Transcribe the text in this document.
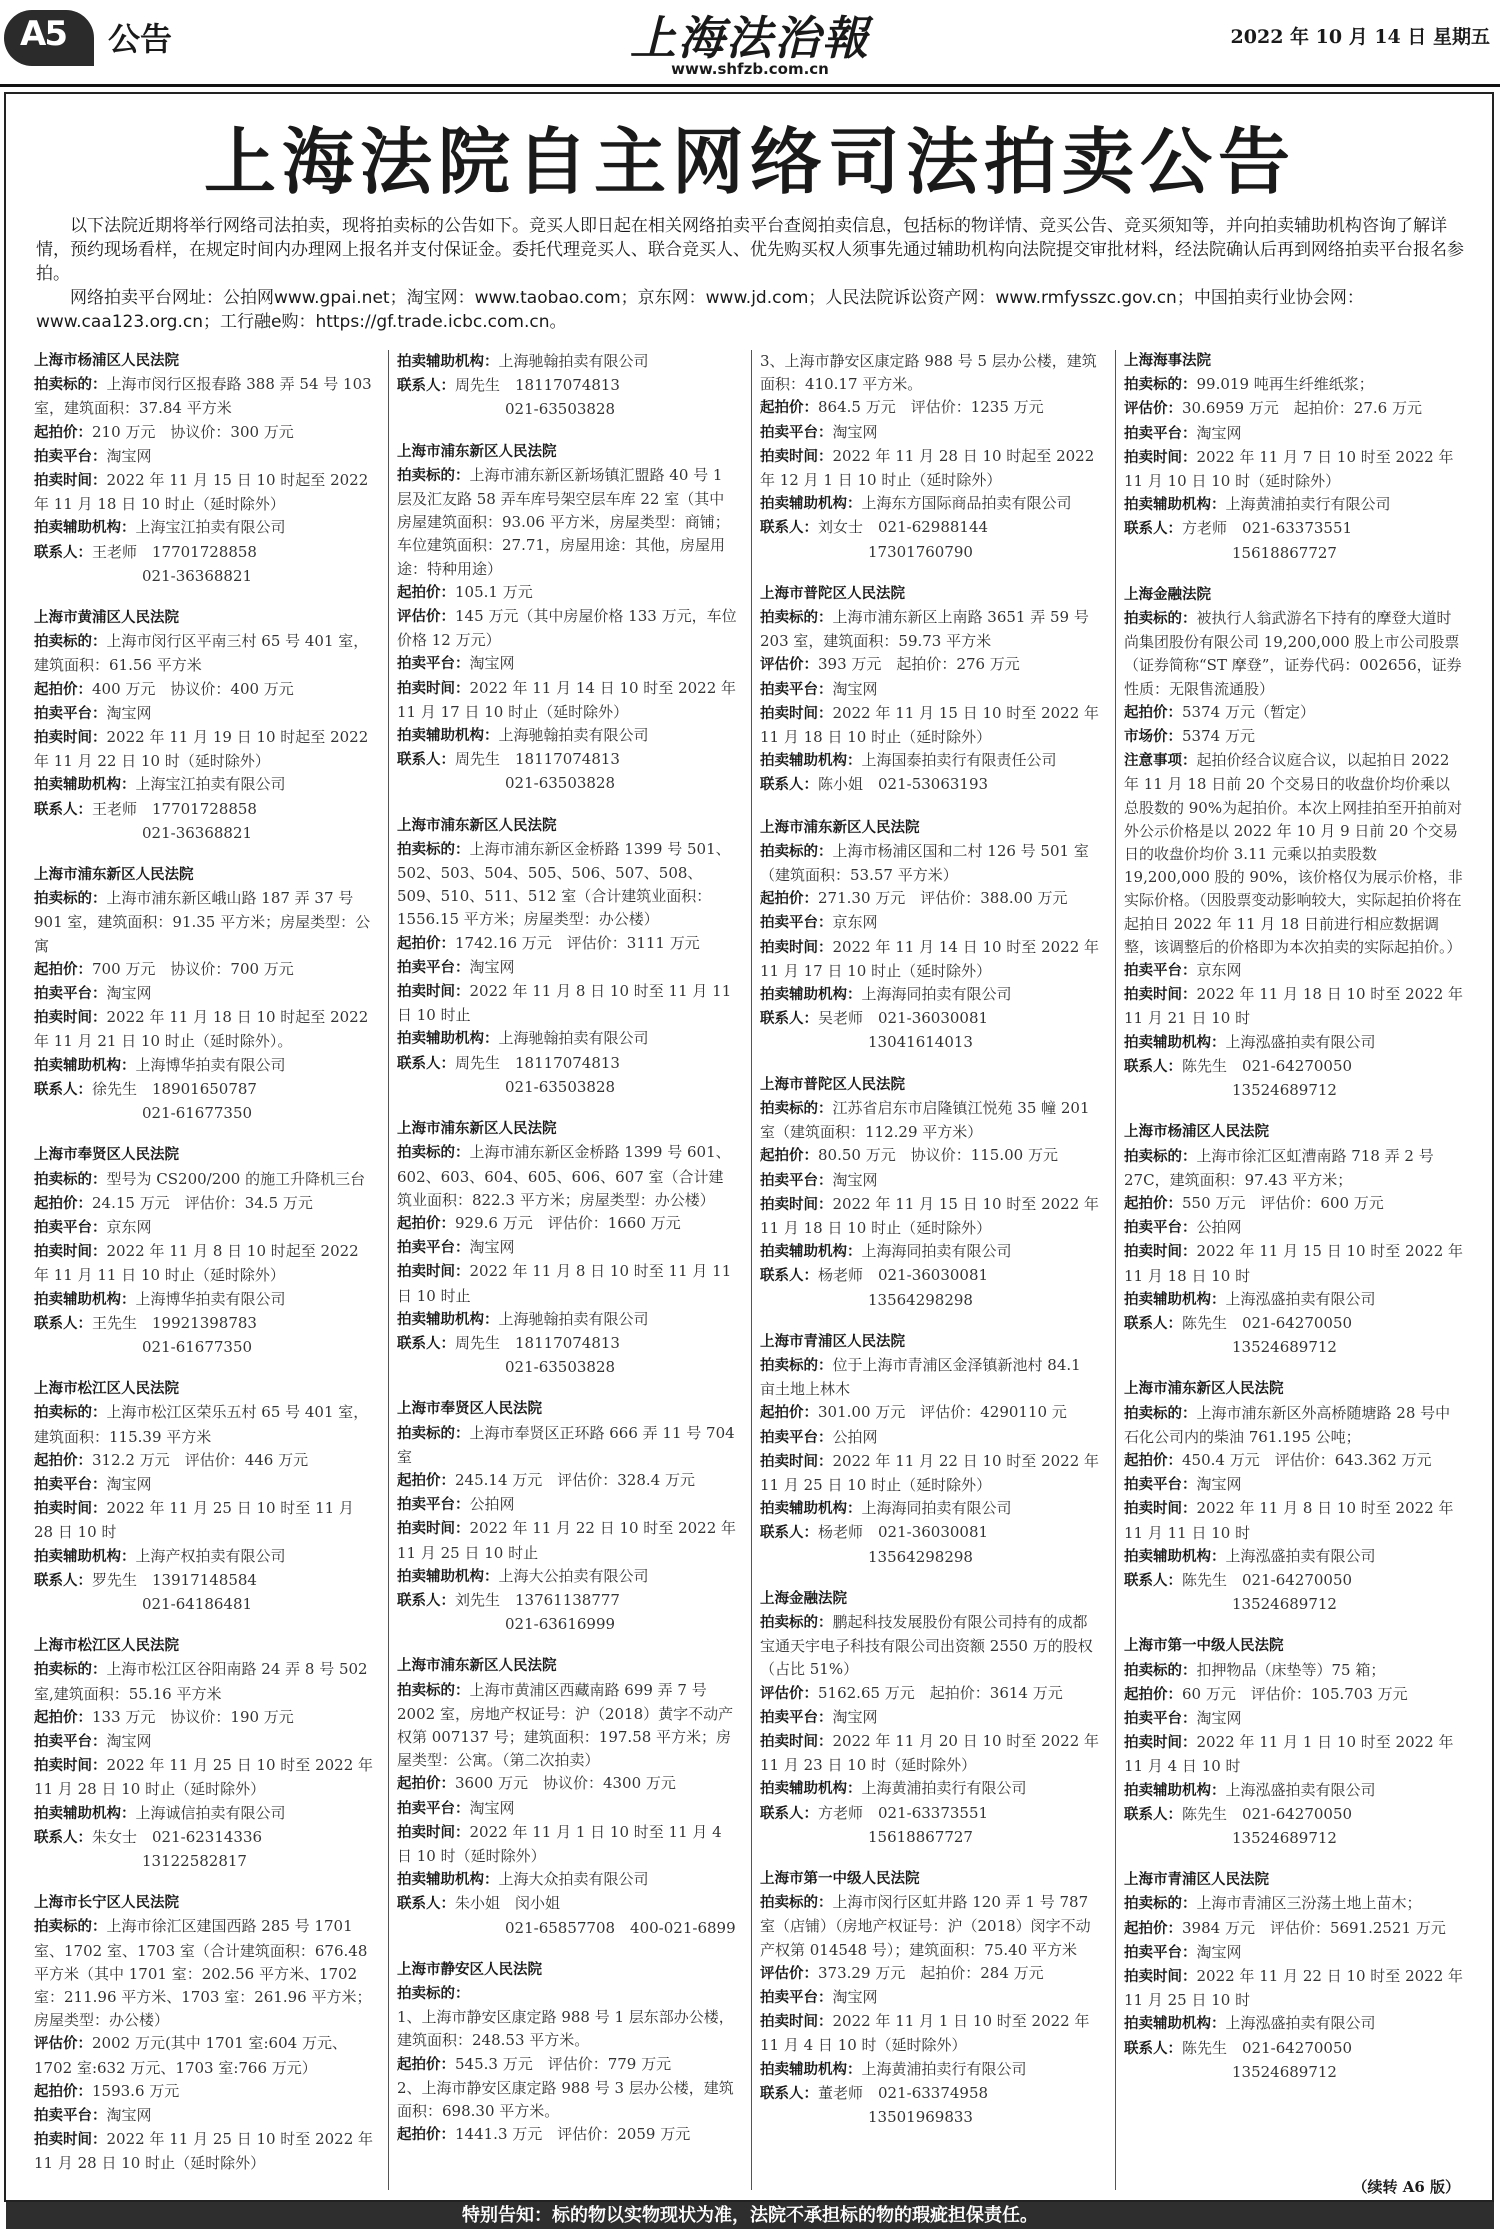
A5 公告	上海法治報
www.shfzb.com.cn
2022 年 10 月 14 日 星期五
上海法院自主网络司法拍卖公告

以下法院近期将举行网络司法拍卖，现将拍卖标的公告如下。竞买人即日起在相关网络拍卖平台查阅拍卖信息，包括标的物详情、竞买公告、竞买须知等，并向拍卖辅助机构咨询了解详情，预约现场看样，在规定时间内办理网上报名并支付保证金。委托代理竞买人、联合竞买人、优先购买权人须事先通过辅助机构向法院提交审批材料，经法院确认后再到网络拍卖平台报名参拍。

网络拍卖平台网址：公拍网www.gpai.net；淘宝网：www.taobao.com；京东网：www.jd.com；人民法院诉讼资产网：www.rmfysszc.gov.cn；中国拍卖行业协会网：www.caa123.org.cn；工行融e购：https://gf.trade.icbc.com.cn。

上海市杨浦区人民法院
拍卖标的：上海市闵行区报春路 388 弄 54 号 103 室，建筑面积：37.84 平方米
起拍价：210 万元　协议价：300 万元
拍卖平台：淘宝网
拍卖时间：2022 年 11 月 15 日 10 时起至 2022 年 11 月 18 日 10 时止（延时除外）
拍卖辅助机构：上海宝江拍卖有限公司
联系人：王老师　17701728858
021-36368821
上海市黄浦区人民法院
拍卖标的：上海市闵行区平南三村 65 号 401 室，建筑面积：61.56 平方米
起拍价：400 万元　协议价：400 万元
拍卖平台：淘宝网
拍卖时间：2022 年 11 月 19 日 10 时起至 2022 年 11 月 22 日 10 时（延时除外）
拍卖辅助机构：上海宝江拍卖有限公司
联系人：王老师　17701728858
021-36368821
上海市浦东新区人民法院
拍卖标的：上海市浦东新区峨山路 187 弄 37 号 901 室，建筑面积：91.35 平方米；房屋类型：公寓
起拍价：700 万元　协议价：700 万元
拍卖平台：淘宝网
拍卖时间：2022 年 11 月 18 日 10 时起至 2022 年 11 月 21 日 10 时止（延时除外）。
拍卖辅助机构：上海博华拍卖有限公司
联系人：徐先生　18901650787
021-61677350
上海市奉贤区人民法院
拍卖标的：型号为 CS200/200 的施工升降机三台
起拍价：24.15 万元　评估价：34.5 万元
拍卖平台：京东网
拍卖时间：2022 年 11 月 8 日 10 时起至 2022 年 11 月 11 日 10 时止（延时除外）
拍卖辅助机构：上海博华拍卖有限公司
联系人：王先生　19921398783
021-61677350
上海市松江区人民法院
拍卖标的：上海市松江区荣乐五村 65 号 401 室，建筑面积：115.39 平方米
起拍价：312.2 万元　评估价：446 万元
拍卖平台：淘宝网
拍卖时间：2022 年 11 月 25 日 10 时至 11 月 28 日 10 时
拍卖辅助机构：上海产权拍卖有限公司
联系人：罗先生　13917148584
021-64186481
上海市松江区人民法院
拍卖标的：上海市松江区谷阳南路 24 弄 8 号 502 室,建筑面积：55.16 平方米
起拍价：133 万元　协议价：190 万元
拍卖平台：淘宝网
拍卖时间：2022 年 11 月 25 日 10 时至 2022 年 11 月 28 日 10 时止（延时除外）
拍卖辅助机构：上海诚信拍卖有限公司
联系人：朱女士　021-62314336
13122582817
上海市长宁区人民法院
拍卖标的：上海市徐汇区建国西路 285 号 1701 室、1702 室、1703 室（合计建筑面积：676.48 平方米（其中 1701 室：202.56 平方米、1702 室：211.96 平方米、1703 室：261.96 平方米；房屋类型：办公楼）
评估价：2002 万元(其中 1701 室:604 万元、1702 室:632 万元、1703 室:766 万元）
起拍价：1593.6 万元
拍卖平台：淘宝网
拍卖时间：2022 年 11 月 25 日 10 时至 2022 年 11 月 28 日 10 时止（延时除外）
拍卖辅助机构：上海驰翰拍卖有限公司
联系人：周先生　18117074813
021-63503828
上海市浦东新区人民法院
拍卖标的：上海市浦东新区新场镇汇盟路 40 号 1 层及汇友路 58 弄车库号架空层车库 22 室（其中房屋建筑面积：93.06 平方米，房屋类型：商铺；车位建筑面积：27.71，房屋用途：其他，房屋用途：特种用途）
起拍价：105.1 万元
评估价：145 万元（其中房屋价格 133 万元，车位价格 12 万元）
拍卖平台：淘宝网
拍卖时间：2022 年 11 月 14 日 10 时至 2022 年 11 月 17 日 10 时止（延时除外）
拍卖辅助机构：上海驰翰拍卖有限公司
联系人：周先生　18117074813
021-63503828
上海市浦东新区人民法院
拍卖标的：上海市浦东新区金桥路 1399 号 501、502、503、504、505、506、507、508、509、510、511、512 室（合计建筑业面积：1556.15 平方米；房屋类型：办公楼）
起拍价：1742.16 万元　评估价：3111 万元
拍卖平台：淘宝网
拍卖时间：2022 年 11 月 8 日 10 时至 11 月 11 日 10 时止
拍卖辅助机构：上海驰翰拍卖有限公司
联系人：周先生　18117074813
021-63503828
上海市浦东新区人民法院
拍卖标的：上海市浦东新区金桥路 1399 号 601、602、603、604、605、606、607 室（合计建筑业面积：822.3 平方米；房屋类型：办公楼）
起拍价：929.6 万元　评估价：1660 万元
拍卖平台：淘宝网
拍卖时间：2022 年 11 月 8 日 10 时至 11 月 11 日 10 时止
拍卖辅助机构：上海驰翰拍卖有限公司
联系人：周先生　18117074813
021-63503828
上海市奉贤区人民法院
拍卖标的：上海市奉贤区正环路 666 弄 11 号 704 室
起拍价：245.14 万元　评估价：328.4 万元
拍卖平台：公拍网
拍卖时间：2022 年 11 月 22 日 10 时至 2022 年 11 月 25 日 10 时止
拍卖辅助机构：上海大公拍卖有限公司
联系人：刘先生　13761138777
021-63616999
上海市浦东新区人民法院
拍卖标的：上海市黄浦区西藏南路 699 弄 7 号 2002 室，房地产权证号：沪（2018）黄字不动产权第 007137 号；建筑面积：197.58 平方米；房屋类型：公寓。（第二次拍卖）
起拍价：3600 万元　协议价：4300 万元
拍卖平台：淘宝网
拍卖时间：2022 年 11 月 1 日 10 时至 11 月 4 日 10 时（延时除外）
拍卖辅助机构：上海大众拍卖有限公司
联系人：朱小姐　闵小姐
021-65857708　400-021-6899
上海市静安区人民法院
拍卖标的：
1、上海市静安区康定路 988 号 1 层东部办公楼，建筑面积：248.53 平方米。
起拍价：545.3 万元　评估价：779 万元
2、上海市静安区康定路 988 号 3 层办公楼，建筑面积：698.30 平方米。
起拍价：1441.3 万元　评估价：2059 万元
3、上海市静安区康定路 988 号 5 层办公楼，建筑面积：410.17 平方米。
起拍价：864.5 万元　评估价：1235 万元
拍卖平台：淘宝网
拍卖时间：2022 年 11 月 28 日 10 时起至 2022 年 12 月 1 日 10 时止（延时除外）
拍卖辅助机构：上海东方国际商品拍卖有限公司
联系人：刘女士　021-62988144
17301760790
上海市普陀区人民法院
拍卖标的：上海市浦东新区上南路 3651 弄 59 号 203 室，建筑面积：59.73 平方米
评估价：393 万元　起拍价：276 万元
拍卖平台：淘宝网
拍卖时间：2022 年 11 月 15 日 10 时至 2022 年 11 月 18 日 10 时止（延时除外）
拍卖辅助机构：上海国泰拍卖行有限责任公司
联系人：陈小姐　021-53063193
上海市浦东新区人民法院
拍卖标的：上海市杨浦区国和二村 126 号 501 室（建筑面积：53.57 平方米）
起拍价：271.30 万元　评估价：388.00 万元
拍卖平台：京东网
拍卖时间：2022 年 11 月 14 日 10 时至 2022 年 11 月 17 日 10 时止（延时除外）
拍卖辅助机构：上海海同拍卖有限公司
联系人：吴老师　021-36030081
13041614013
上海市普陀区人民法院
拍卖标的：江苏省启东市启隆镇江悦苑 35 幢 201 室（建筑面积：112.29 平方米）
起拍价：80.50 万元　协议价：115.00 万元
拍卖平台：淘宝网
拍卖时间：2022 年 11 月 15 日 10 时至 2022 年 11 月 18 日 10 时止（延时除外）
拍卖辅助机构：上海海同拍卖有限公司
联系人：杨老师　021-36030081
13564298298
上海市青浦区人民法院
拍卖标的：位于上海市青浦区金泽镇新池村 84.1 亩土地上林木
起拍价：301.00 万元　评估价：4290110 元
拍卖平台：公拍网
拍卖时间：2022 年 11 月 22 日 10 时至 2022 年 11 月 25 日 10 时止（延时除外）
拍卖辅助机构：上海海同拍卖有限公司
联系人：杨老师　021-36030081
13564298298
上海金融法院
拍卖标的：鹏起科技发展股份有限公司持有的成都宝通天宇电子科技有限公司出资额 2550 万的股权（占比 51%）
评估价：5162.65 万元　起拍价：3614 万元
拍卖平台：淘宝网
拍卖时间：2022 年 11 月 20 日 10 时至 2022 年 11 月 23 日 10 时（延时除外）
拍卖辅助机构：上海黄浦拍卖行有限公司
联系人：方老师　021-63373551
15618867727
上海市第一中级人民法院
拍卖标的：上海市闵行区虹井路 120 弄 1 号 787 室（店铺）（房地产权证号：沪（2018）闵字不动产权第 014548 号）；建筑面积：75.40 平方米
评估价：373.29 万元　起拍价：284 万元
拍卖平台：淘宝网
拍卖时间：2022 年 11 月 1 日 10 时至 2022 年 11 月 4 日 10 时（延时除外）
拍卖辅助机构：上海黄浦拍卖行有限公司
联系人：董老师　021-63374958
13501969833
上海海事法院
拍卖标的：99.019 吨再生纤维纸浆；
评估价：30.6959 万元　起拍价：27.6 万元
拍卖平台：淘宝网
拍卖时间：2022 年 11 月 7 日 10 时至 2022 年 11 月 10 日 10 时（延时除外）
拍卖辅助机构：上海黄浦拍卖行有限公司
联系人：方老师　021-63373551
15618867727
上海金融法院
拍卖标的：被执行人翁武游名下持有的摩登大道时尚集团股份有限公司 19,200,000 股上市公司股票（证券简称“ST 摩登”，证券代码：002656，证券性质：无限售流通股）
起拍价：5374 万元（暂定）
市场价：5374 万元
注意事项：起拍价经合议庭合议，以起拍日 2022 年 11 月 18 日前 20 个交易日的收盘价均价乘以总股数的 90%为起拍价。本次上网挂拍至开拍前对外公示价格是以 2022 年 10 月 9 日前 20 个交易日的收盘价均价 3.11 元乘以拍卖股数 19,200,000 股的 90%，该价格仅为展示价格，非实际价格。（因股票变动影响较大，实际起拍价将在起拍日 2022 年 11 月 18 日前进行相应数据调整，该调整后的价格即为本次拍卖的实际起拍价。）
拍卖平台：京东网
拍卖时间：2022 年 11 月 18 日 10 时至 2022 年 11 月 21 日 10 时
拍卖辅助机构：上海泓盛拍卖有限公司
联系人：陈先生　021-64270050
13524689712
上海市杨浦区人民法院
拍卖标的：上海市徐汇区虹漕南路 718 弄 2 号 27C，建筑面积：97.43 平方米；
起拍价：550 万元　评估价：600 万元
拍卖平台：公拍网
拍卖时间：2022 年 11 月 15 日 10 时至 2022 年 11 月 18 日 10 时
拍卖辅助机构：上海泓盛拍卖有限公司
联系人：陈先生　021-64270050
13524689712
上海市浦东新区人民法院
拍卖标的：上海市浦东新区外高桥随塘路 28 号中石化公司内的柴油 761.195 公吨；
起拍价：450.4 万元　评估价：643.362 万元
拍卖平台：淘宝网
拍卖时间：2022 年 11 月 8 日 10 时至 2022 年 11 月 11 日 10 时
拍卖辅助机构：上海泓盛拍卖有限公司
联系人：陈先生　021-64270050
13524689712
上海市第一中级人民法院
拍卖标的：扣押物品（床垫等）75 箱；
起拍价：60 万元　评估价：105.703 万元
拍卖平台：淘宝网
拍卖时间：2022 年 11 月 1 日 10 时至 2022 年 11 月 4 日 10 时
拍卖辅助机构：上海泓盛拍卖有限公司
联系人：陈先生　021-64270050
13524689712
上海市青浦区人民法院
拍卖标的：上海市青浦区三汾荡土地上苗木；
起拍价：3984 万元　评估价：5691.2521 万元
拍卖平台：淘宝网
拍卖时间：2022 年 11 月 22 日 10 时至 2022 年 11 月 25 日 10 时
拍卖辅助机构：上海泓盛拍卖有限公司
联系人：陈先生　021-64270050
13524689712
（续转 A6 版）
特别告知：标的物以实物现状为准，法院不承担标的物的瑕疵担保责任。
